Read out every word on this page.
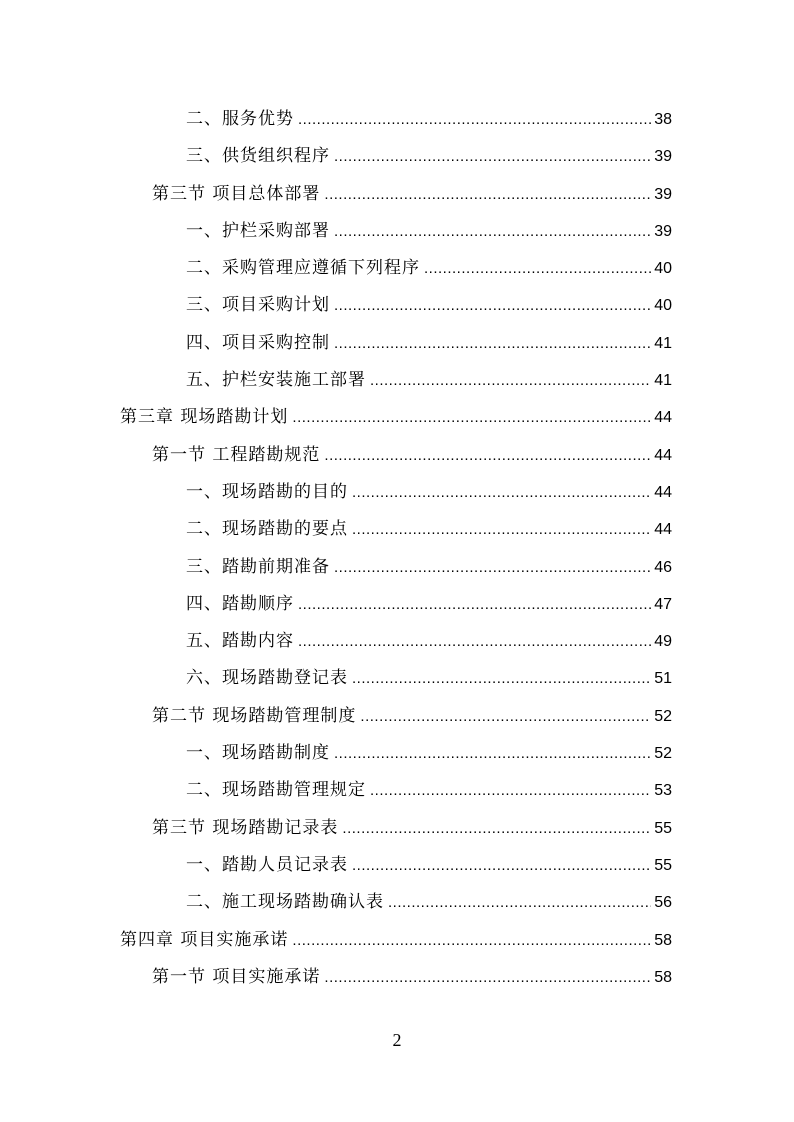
二、服务优势 .....	38
三、供货组织程序 .....	39
第三节 项目总体部署 .....	39
一、护栏采购部署 .....	39
二、采购管理应遵循下列程序 .....	40
三、项目采购计划 .....	40
四、项目采购控制 .....	41
五、护栏安装施工部署 .....	41
第三章 现场踏勘计划 .....	44
第一节 工程踏勘规范 .....	44
一、现场踏勘的目的 .....	44
二、现场踏勘的要点 .....	44
三、踏勘前期准备 .....	46
四、踏勘顺序 .....	47
五、踏勘内容 .....	49
六、现场踏勘登记表 .....	51
第二节 现场踏勘管理制度 .....	52
一、现场踏勘制度 .....	52
二、现场踏勘管理规定 .....	53
第三节 现场踏勘记录表 .....	55
一、踏勘人员记录表 .....	55
二、施工现场踏勘确认表 .....	56
第四章 项目实施承诺 .....	58
第一节 项目实施承诺 .....	58
2
